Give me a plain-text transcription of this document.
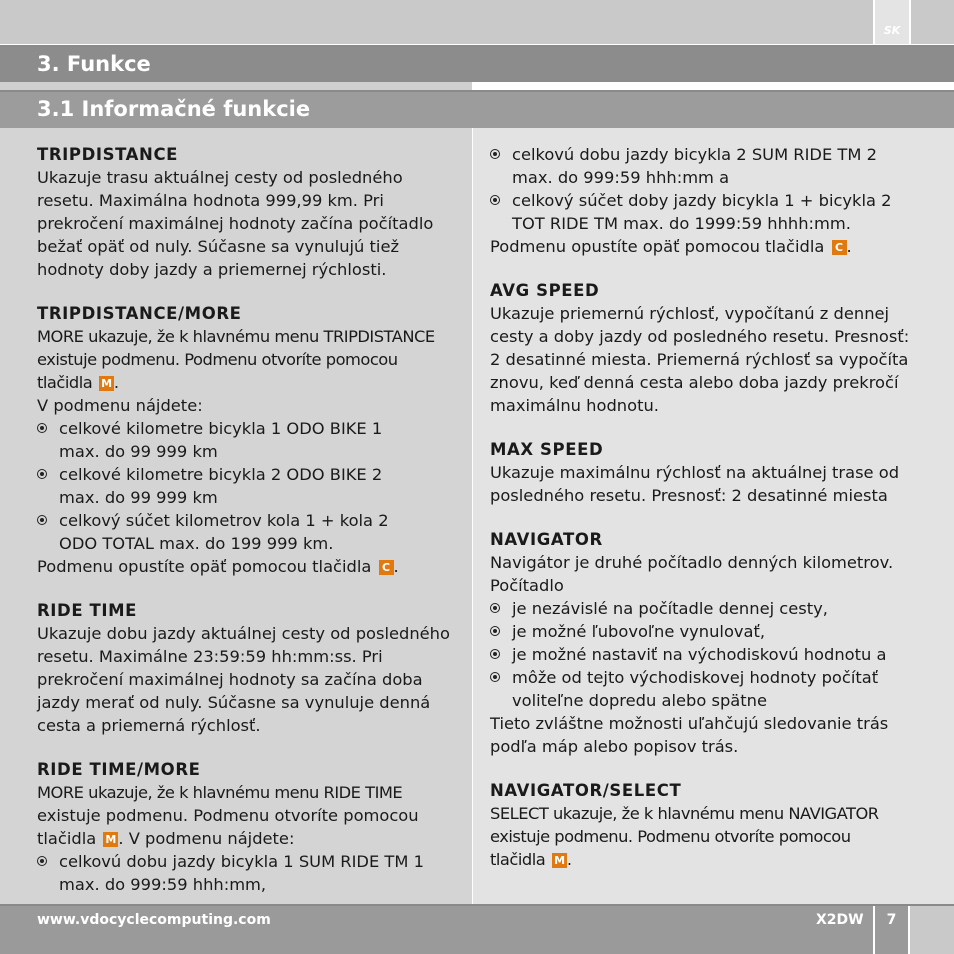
SK
3. Funkce
3.1 Informačné funkcie
TRIPDISTANCE
Ukazuje trasu aktuálnej cesty od posledného
resetu. Maximálna hodnota 999,99 km. Pri
prekročení maximálnej hodnoty začína počítadlo
bežať opäť od nuly. Súčasne sa vynulujú tiež
hodnoty doby jazdy a priemernej rýchlosti.
TRIPDISTANCE/MORE
MORE ukazuje, že k hlavnému menu TRIPDISTANCE
existuje podmenu. Podmenu otvoríte pomocou
tlačidla M .
V podmenu nájdete:
celkové kilometre bicykla 1 ODO BIKE 1
max. do 99 999 km
celkové kilometre bicykla 2 ODO BIKE 2
max. do 99 999 km
celkový súčet kilometrov kola 1 + kola 2
ODO TOTAL max. do 199 999 km.
Podmenu opustíte opäť pomocou tlačidla C .
RIDE TIME
Ukazuje dobu jazdy aktuálnej cesty od posledného
resetu. Maximálne 23:59:59 hh:mm:ss. Pri
prekročení maximálnej hodnoty sa začína doba
jazdy merať od nuly. Súčasne sa vynuluje denná
cesta a priemerná rýchlosť.
RIDE TIME/MORE
MORE ukazuje, že k hlavnému menu RIDE TIME
existuje podmenu. Podmenu otvoríte pomocou
tlačidla M . V podmenu nájdete:
celkovú dobu jazdy bicykla 1 SUM RIDE TM 1
max. do 999:59 hhh:mm,
celkovú dobu jazdy bicykla 2 SUM RIDE TM 2
max. do 999:59 hhh:mm a
celkový súčet doby jazdy bicykla 1 + bicykla 2
TOT RIDE TM max. do 1999:59 hhhh:mm.
Podmenu opustíte opäť pomocou tlačidla C .
AVG SPEED
Ukazuje priemernú rýchlosť, vypočítanú z dennej
cesty a doby jazdy od posledného resetu. Presnosť:
2 desatinné miesta. Priemerná rýchlosť sa vypočíta
znovu, keď denná cesta alebo doba jazdy prekročí
maximálnu hodnotu.
MAX SPEED
Ukazuje maximálnu rýchlosť na aktuálnej trase od
posledného resetu. Presnosť: 2 desatinné miesta
NAVIGATOR
Navigátor je druhé počítadlo denných kilometrov.
Počítadlo
je nezávislé na počítadle dennej cesty,
je možné ľubovoľne vynulovať,
je možné nastaviť na východiskovú hodnotu a
môže od tejto východiskovej hodnoty počítať
voliteľne dopredu alebo spätne
Tieto zvláštne možnosti uľahčujú sledovanie trás
podľa máp alebo popisov trás.
NAVIGATOR/SELECT
SELECT ukazuje, že k hlavnému menu NAVIGATOR
existuje podmenu. Podmenu otvoríte pomocou
tlačidla M .
www.vdocyclecomputing.com	X2DW	7
